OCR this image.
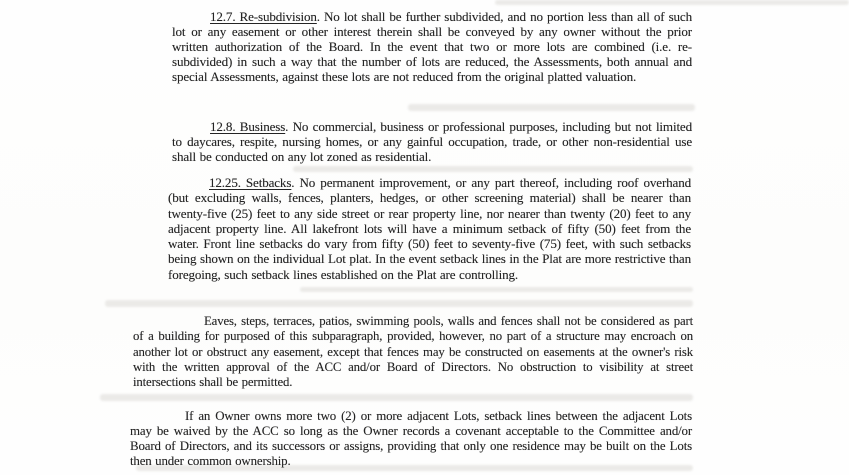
12.7. Re-subdivision. No lot shall be further subdivided, and no portion less than all of such lot or any easement or other interest therein shall be conveyed by any owner without the prior written authorization of the Board. In the event that two or more lots are combined (i.e. re-subdivided) in such a way that the number of lots are reduced, the Assessments, both annual and special Assessments, against these lots are not reduced from the original platted valuation.

12.8. Business. No commercial, business or professional purposes, including but not limited to daycares, respite, nursing homes, or any gainful occupation, trade, or other non-residential use shall be conducted on any lot zoned as residential.

12.25. Setbacks. No permanent improvement, or any part thereof, including roof overhand (but excluding walls, fences, planters, hedges, or other screening material) shall be nearer than twenty-five (25) feet to any side street or rear property line, nor nearer than twenty (20) feet to any adjacent property line. All lakefront lots will have a minimum setback of fifty (50) feet from the water. Front line setbacks do vary from fifty (50) feet to seventy-five (75) feet, with such setbacks being shown on the individual Lot plat. In the event setback lines in the Plat are more restrictive than foregoing, such setback lines established on the Plat are controlling.

Eaves, steps, terraces, patios, swimming pools, walls and fences shall not be considered as part of a building for purposed of this subparagraph, provided, however, no part of a structure may encroach on another lot or obstruct any easement, except that fences may be constructed on easements at the owner's risk with the written approval of the ACC and/or Board of Directors. No obstruction to visibility at street intersections shall be permitted.

If an Owner owns more two (2) or more adjacent Lots, setback lines between the adjacent Lots may be waived by the ACC so long as the Owner records a covenant acceptable to the Committee and/or Board of Directors, and its successors or assigns, providing that only one residence may be built on the Lots then under common ownership.
